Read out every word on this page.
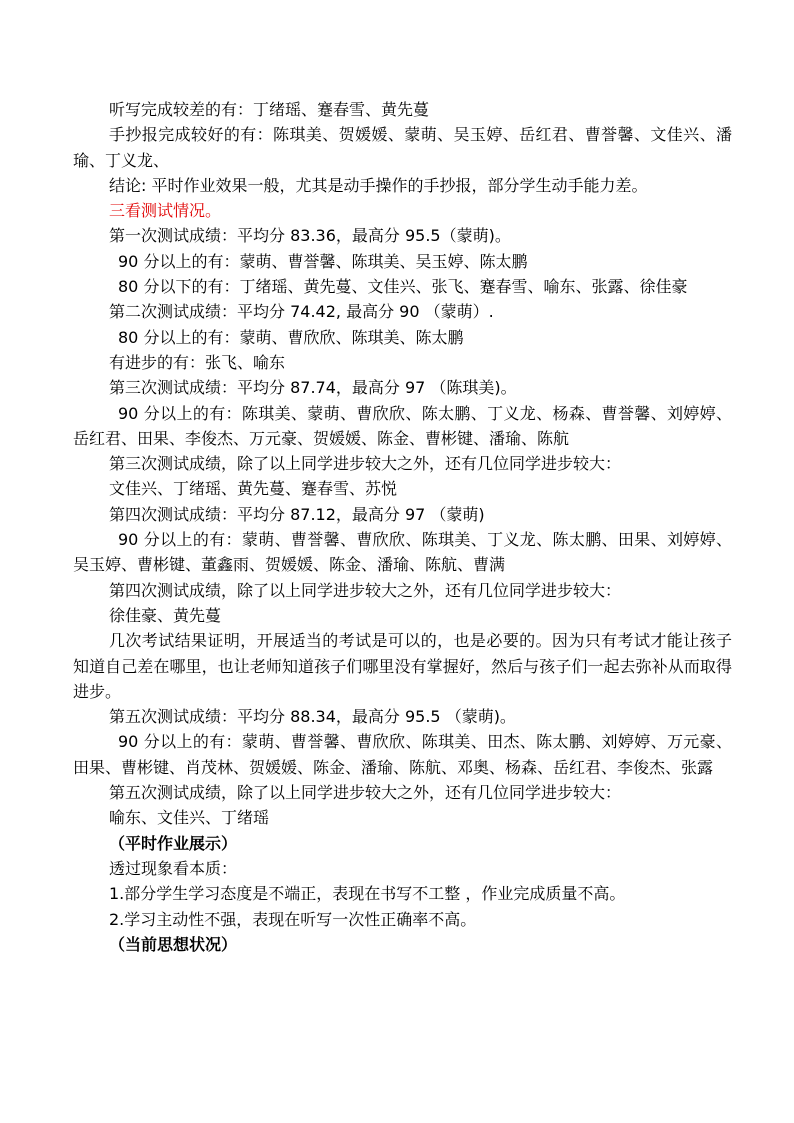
听写完成较差的有：丁绪瑶、蹇春雪、黄先蔓

手抄报完成较好的有：陈琪美、贺媛媛、蒙萌、吴玉婷、岳红君、曹誉馨、文佳兴、潘瑜、丁义龙、

结论: 平时作业效果一般，尤其是动手操作的手抄报，部分学生动手能力差。

三看测试情况。

第一次测试成绩：平均分 83.36，最高分 95.5（蒙萌)。

90 分以上的有：蒙萌、曹誉馨、陈琪美、吴玉婷、陈太鹏

80 分以下的有：丁绪瑶、黄先蔓、文佳兴、张飞、蹇春雪、喻东、张露、徐佳豪

第二次测试成绩：平均分 74.42, 最高分 90 （蒙萌）.

80 分以上的有：蒙萌、曹欣欣、陈琪美、陈太鹏

有进步的有：张飞、喻东

第三次测试成绩：平均分 87.74，最高分 97 （陈琪美)。

90 分以上的有：陈琪美、蒙萌、曹欣欣、陈太鹏、丁义龙、杨森、曹誉馨、刘婷婷、岳红君、田果、李俊杰、万元豪、贺媛媛、陈金、曹彬键、潘瑜、陈航

第三次测试成绩，除了以上同学进步较大之外，还有几位同学进步较大：

文佳兴、丁绪瑶、黄先蔓、蹇春雪、苏悦

第四次测试成绩：平均分 87.12，最高分 97 （蒙萌)

90 分以上的有：蒙萌、曹誉馨、曹欣欣、陈琪美、丁义龙、陈太鹏、田果、刘婷婷、吴玉婷、曹彬键、董鑫雨、贺媛媛、陈金、潘瑜、陈航、曹满

第四次测试成绩，除了以上同学进步较大之外，还有几位同学进步较大：

徐佳豪、黄先蔓

几次考试结果证明，开展适当的考试是可以的，也是必要的。因为只有考试才能让孩子知道自己差在哪里，也让老师知道孩子们哪里没有掌握好，然后与孩子们一起去弥补从而取得进步。

第五次测试成绩：平均分 88.34，最高分 95.5 （蒙萌)。

90 分以上的有：蒙萌、曹誉馨、曹欣欣、陈琪美、田杰、陈太鹏、刘婷婷、万元豪、田果、曹彬键、肖茂林、贺媛媛、陈金、潘瑜、陈航、邓奥、杨森、岳红君、李俊杰、张露

第五次测试成绩，除了以上同学进步较大之外，还有几位同学进步较大：

喻东、文佳兴、丁绪瑶

（平时作业展示）

透过现象看本质：

1.部分学生学习态度是不端正，表现在书写不工整 ，作业完成质量不高。

2.学习主动性不强，表现在听写一次性正确率不高。

（当前思想状况）
